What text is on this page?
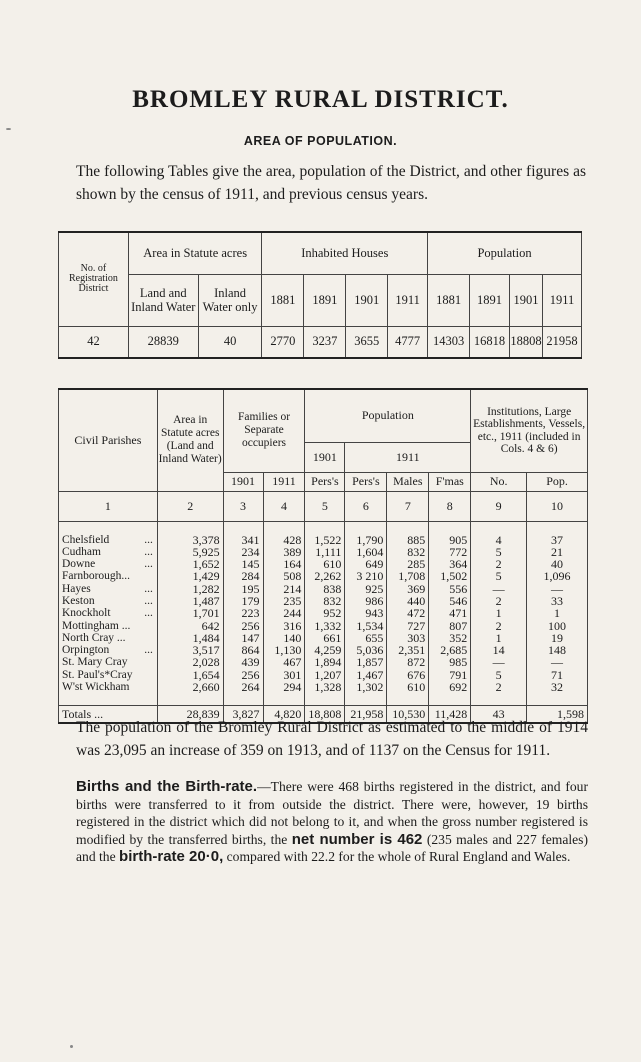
BROMLEY RURAL DISTRICT.
AREA OF POPULATION.
The following Tables give the area, population of the District, and other figures as shown by the census of 1911, and previous census years.
No. of Registration District	Area in Statute acres		Inhabited Houses				Population			
	Land and Inland Water	Inland Water only	1881	1891	1901	1911	1881	1891	1901	1911
42	28839	40	2770	3237	3655	4777	14303	16818	18808	21958
Civil Parishes	Area in Statute acres (Land and Inland Water)	Families or Separate occupiers		Population				Institutions, Large Establishments, Vessels, etc., 1911 (included in Cols. 4 & 6)	
				1901	1911				
		1901	1911	Pers's	Pers's	Males	F'mas	No.	Pop.
1	2	3	4	5	6	7	8	9	10

Chelsfield ...	3,378	341	428	1,522	1,790	885	905	4	37
Cudham ...	5,925	234	389	1,111	1,604	832	772	5	21
Downe ...	1,652	145	164	610	649	285	364	2	40
Farnborough...	1,429	284	508	2,262	3 210	1,708	1,502	5	1,096
Hayes ...	1,282	195	214	838	925	369	556	—	—
Keston ...	1,487	179	235	832	986	440	546	2	33
Knockholt ...	1,701	223	244	952	943	472	471	1	1
Mottingham ...	642	256	316	1,332	1,534	727	807	2	100
North Cray ...	1,484	147	140	661	655	303	352	1	19
Orpington ...	3,517	864	1,130	4,259	5,036	2,351	2,685	14	148
St. Mary Cray	2,028	439	467	1,894	1,857	872	985	—	—
St. Paul's*Cray	1,654	256	301	1,207	1,467	676	791	5	71
W'st Wickham	2,660	264	294	1,328	1,302	610	692	2	32

Totals ...	28,839	3,827	4,820	18,808	21,958	10,530	11,428	43	1,598
The population of the Bromley Rural District as estimated to the middle of 1914 was 23,095 an increase of 359 on 1913, and of 1137 on the Census for 1911.
Births and the Birth-rate.—There were 468 births registered in the district, and four births were transferred to it from outside the district. There were, however, 19 births registered in the district which did not belong to it, and when the gross number registered is modified by the transferred births, the net number is 462 (235 males and 227 females) and the birth-rate 20·0, compared with 22.2 for the whole of Rural England and Wales.
